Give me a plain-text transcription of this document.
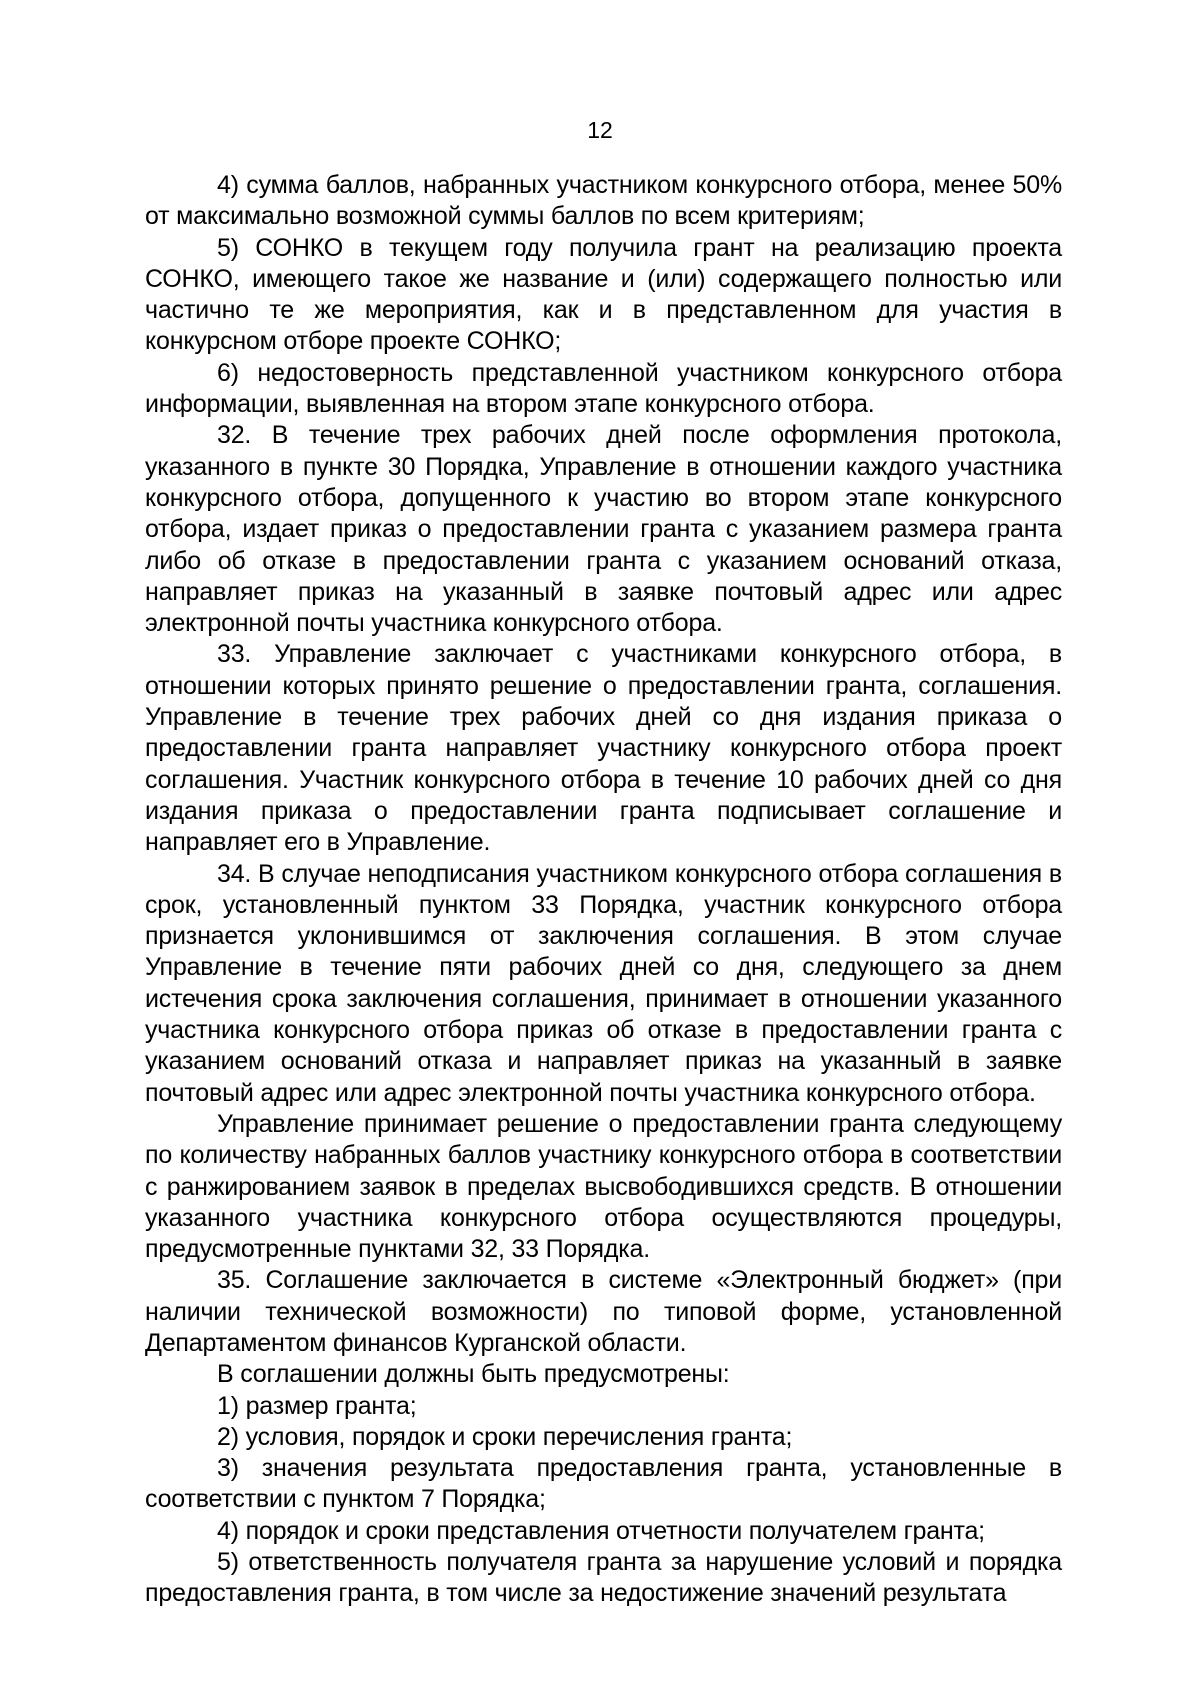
12

4) сумма баллов, набранных участником конкурсного отбора, менее 50% от максимально возможной суммы баллов по всем критериям;

5) СОНКО в текущем году получила грант на реализацию проекта СОНКО, имеющего такое же название и (или) содержащего полностью или частично те же мероприятия, как и в представленном для участия в конкурсном отборе проекте СОНКО;

6) недостоверность представленной участником конкурсного отбора информации, выявленная на втором этапе конкурсного отбора.

32. В течение трех рабочих дней после оформления протокола, указанного в пункте 30 Порядка, Управление в отношении каждого участника конкурсного отбора, допущенного к участию во втором этапе конкурсного отбора, издает приказ о предоставлении гранта с указанием размера гранта либо об отказе в предоставлении гранта с указанием оснований отказа, направляет приказ на указанный в заявке почтовый адрес или адрес электронной почты участника конкурсного отбора.

33. Управление заключает с участниками конкурсного отбора, в отношении которых принято решение о предоставлении гранта, соглашения. Управление в течение трех рабочих дней со дня издания приказа о предоставлении гранта направляет участнику конкурсного отбора проект соглашения. Участник конкурсного отбора в течение 10 рабочих дней со дня издания приказа о предоставлении гранта подписывает соглашение и направляет его в Управление.

34. В случае неподписания участником конкурсного отбора соглашения в срок, установленный пунктом 33 Порядка, участник конкурсного отбора признается уклонившимся от заключения соглашения. В этом случае Управление в течение пяти рабочих дней со дня, следующего за днем истечения срока заключения соглашения, принимает в отношении указанного участника конкурсного отбора приказ об отказе в предоставлении гранта с указанием оснований отказа и направляет приказ на указанный в заявке почтовый адрес или адрес электронной почты участника конкурсного отбора.

Управление принимает решение о предоставлении гранта следующему по количеству набранных баллов участнику конкурсного отбора в соответствии с ранжированием заявок в пределах высвободившихся средств. В отношении указанного участника конкурсного отбора осуществляются процедуры, предусмотренные пунктами 32, 33 Порядка.

35. Соглашение заключается в системе «Электронный бюджет» (при наличии технической возможности) по типовой форме, установленной Департаментом финансов Курганской области.

В соглашении должны быть предусмотрены:

1) размер гранта;

2) условия, порядок и сроки перечисления гранта;

3) значения результата предоставления гранта, установленные в соответствии с пунктом 7 Порядка;

4) порядок и сроки представления отчетности получателем гранта;

5) ответственность получателя гранта за нарушение условий и порядка предоставления гранта, в том числе за недостижение значений результата
